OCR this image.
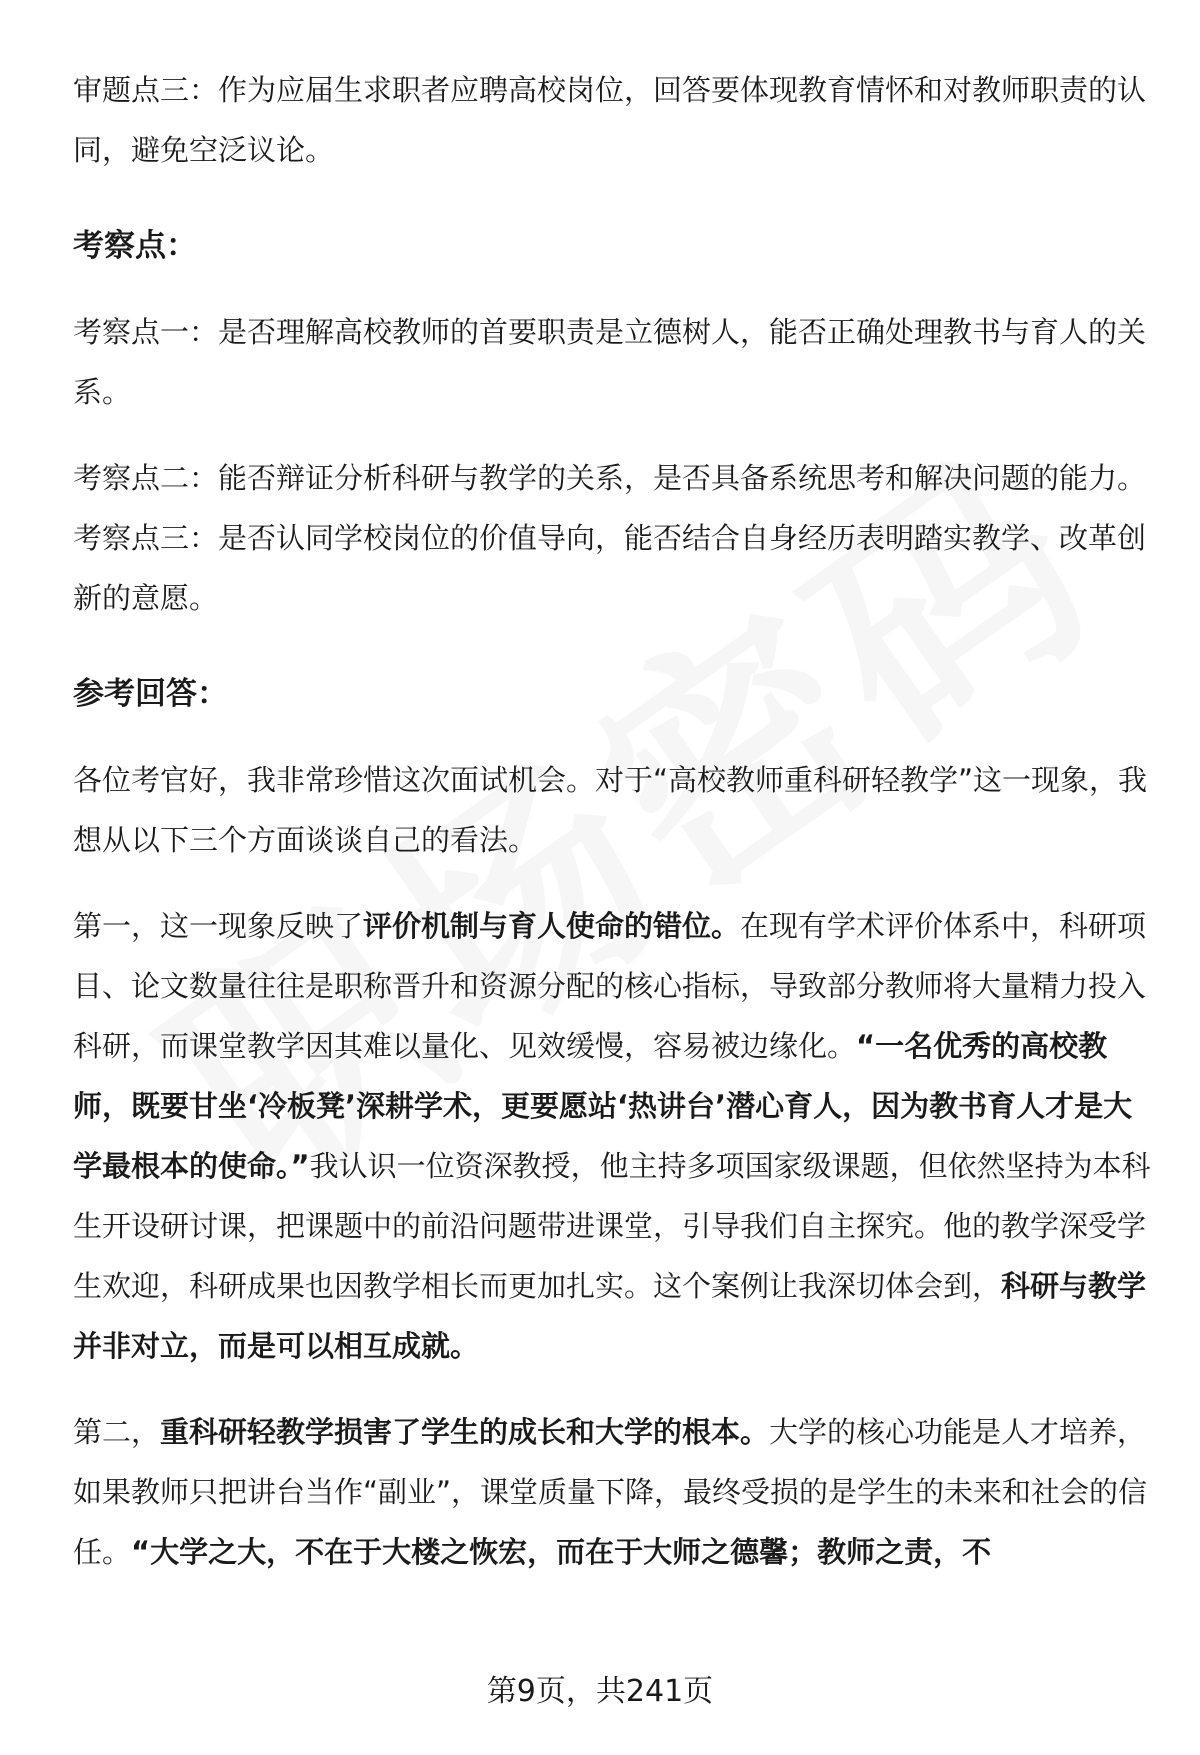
审题点三：作为应届生求职者应聘高校岗位，回答要体现教育情怀和对教师职责的认同，避免空泛议论。

考察点：

考察点一：是否理解高校教师的首要职责是立德树人，能否正确处理教书与育人的关系。

考察点二：能否辩证分析科研与教学的关系，是否具备系统思考和解决问题的能力。

考察点三：是否认同学校岗位的价值导向，能否结合自身经历表明踏实教学、改革创新的意愿。

参考回答：

各位考官好，我非常珍惜这次面试机会。对于“高校教师重科研轻教学”这一现象，我想从以下三个方面谈谈自己的看法。

第一，这一现象反映了评价机制与育人使命的错位。在现有学术评价体系中，科研项目、论文数量往往是职称晋升和资源分配的核心指标，导致部分教师将大量精力投入科研，而课堂教学因其难以量化、见效缓慢，容易被边缘化。“一名优秀的高校教师，既要甘坐‘冷板凳’深耕学术，更要愿站‘热讲台’潜心育人，因为教书育人才是大学最根本的使命。”我认识一位资深教授，他主持多项国家级课题，但依然坚持为本科生开设研讨课，把课题中的前沿问题带进课堂，引导我们自主探究。他的教学深受学生欢迎，科研成果也因教学相长而更加扎实。这个案例让我深切体会到，科研与教学并非对立，而是可以相互成就。

第二，重科研轻教学损害了学生的成长和大学的根本。大学的核心功能是人才培养，如果教师只把讲台当作“副业”，课堂质量下降，最终受损的是学生的未来和社会的信任。“大学之大，不在于大楼之恢宏，而在于大师之德馨；教师之责，不

第9页，共241页
